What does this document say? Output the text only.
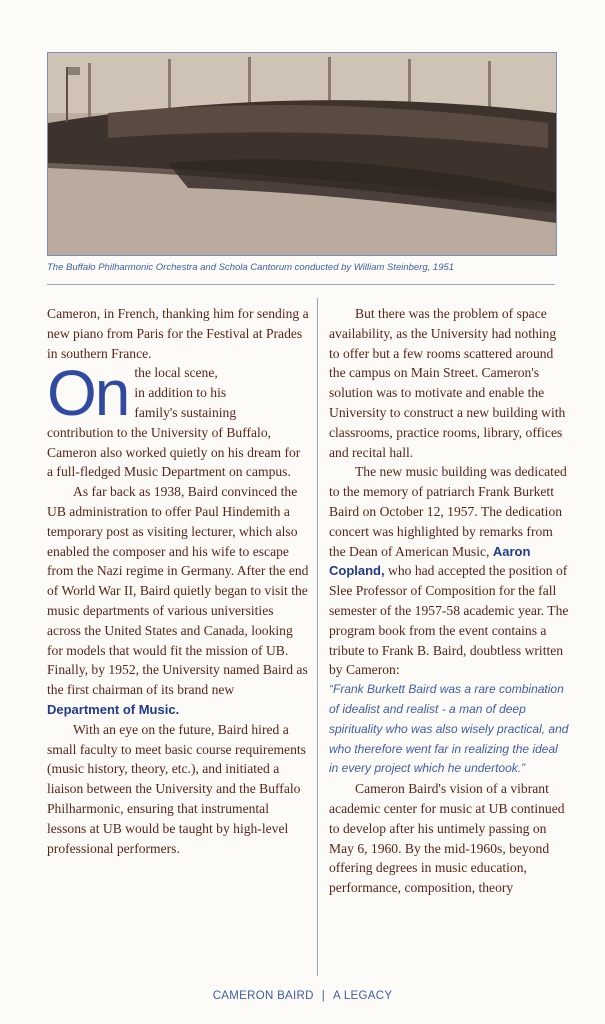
The Buffalo Philharmonic Orchestra and Schola Cantorum conducted by William Steinberg, 1951

Cameron, in French, thanking him for sending a new piano from Paris for the Festival at Prades in southern France.

On the local scene,
in addition to his
family's sustaining
contribution to the University of Buffalo, Cameron also worked quietly on his dream for a full-fledged Music Department on campus.

As far back as 1938, Baird convinced the UB administration to offer Paul Hindemith a temporary post as visiting lecturer, which also enabled the composer and his wife to escape from the Nazi regime in Germany. After the end of World War II, Baird quietly began to visit the music departments of various universities across the United States and Canada, looking for models that would fit the mission of UB. Finally, by 1952, the University named Baird as the first chairman of its brand new Department of Music.

With an eye on the future, Baird hired a small faculty to meet basic course requirements (music history, theory, etc.), and initiated a liaison between the University and the Buffalo Philharmonic, ensuring that instrumental lessons at UB would be taught by high-level professional performers.

But there was the problem of space availability, as the University had nothing to offer but a few rooms scattered around the campus on Main Street. Cameron's solution was to motivate and enable the University to construct a new building with classrooms, practice rooms, library, offices and recital hall.

The new music building was dedicated to the memory of patriarch Frank Burkett Baird on October 12, 1957. The dedication concert was highlighted by remarks from the Dean of American Music, Aaron Copland, who had accepted the position of Slee Professor of Composition for the fall semester of the 1957-58 academic year. The program book from the event contains a tribute to Frank B. Baird, doubtless written by Cameron:

“Frank Burkett Baird was a rare combination of idealist and realist - a man of deep spirituality who was also wisely practical, and who therefore went far in realizing the ideal in every project which he undertook.”

Cameron Baird's vision of a vibrant academic center for music at UB continued to develop after his untimely passing on May 6, 1960. By the mid-1960s, beyond offering degrees in music education, performance, composition, theory

CAMERON BAIRD | A LEGACY
